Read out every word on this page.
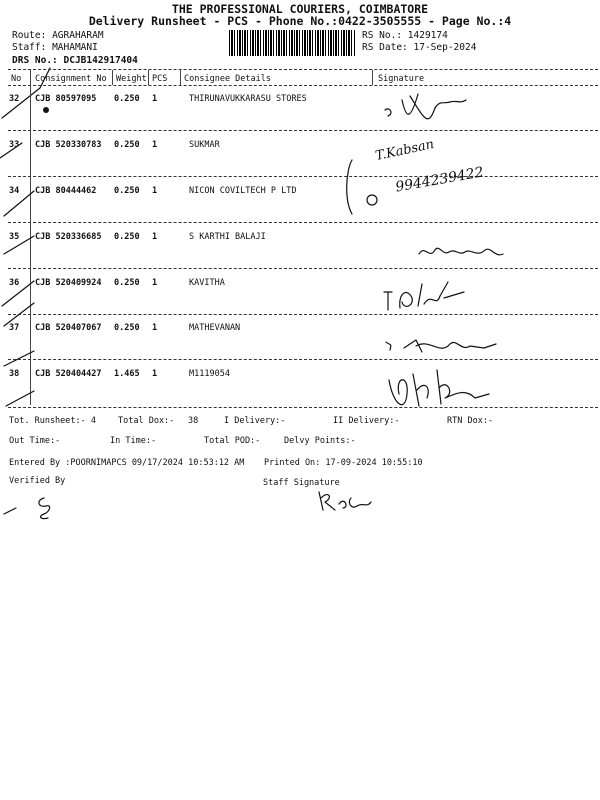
THE PROFESSIONAL COURIERS, COIMBATORE
Delivery Runsheet - PCS - Phone No.:0422-3505555 - Page No.:4
Route: AGRAHARAM
Staff: MAHAMANI
DRS No.: DCJB142917404
RS No.: 1429174
RS Date: 17-Sep-2024
No Consignment No Weight PCS Consignee Details	Signature
32 CJB 80597095 0.250 1	THIRUNAVUKKARASU STORES
33 CJB 520330783 0.250 1	SUKMAR
34 CJB 80444462 0.250 1	NICON COVILTECH P LTD
35 CJB 520336685 0.250 1	S KARTHI BALAJI
36 CJB 520409924 0.250 1	KAVITHA
37 CJB 520407067 0.250 1	MATHEVANAN
38 CJB 520404427 1.465 1	M1119054
T.Kabsan
9944239422
Tot. Runsheet:- 4	Total Dox:- 38	I Delivery:-	II Delivery:-	RTN Dox:-
Out Time:-	In Time:-	Total POD:-	Delvy Points:-
Entered By :POORNIMAPCS 09/17/2024 10:53:12 AM Printed On: 17-09-2024 10:55:10
Verified By	Staff Signature
